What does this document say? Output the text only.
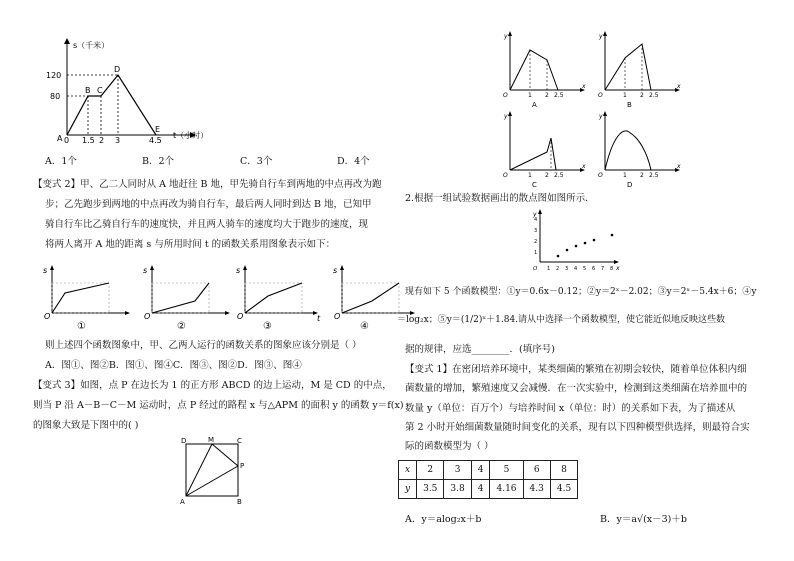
s（千米）
t（小时）
120
80
A
B C
D
E
0 1.5 2 3	4.5
A．1个	B．2个	C．3个	D．4个
【变式 2】甲、乙二人同时从 A 地赶往 B 地，甲先骑自行车到两地的中点再改为跑
步；乙先跑步到两地的中点再改为骑自行车，最后两人同时到达 B 地，已知甲
骑自行车比乙骑自行车的速度快，并且两人骑车的速度均大于跑步的速度，现
将两人离开 A 地的距离 s 与所用时间 t 的函数关系用图象表示如下：
s
O
①
s
O
②
s
t
O
③
s
O
④
则上述四个函数图象中，甲、乙两人运行的函数关系的图象应该分别是（ ）
A．图①、图②B．图①、图④C．图③、图②D．图③、图④
【变式 3】如图，点 P 在边长为 1 的正方形 ABCD 的边上运动，M 是 CD 的中点，
则当 P 沿 A－B－C－M 运动时，点 P 经过的路程 x 与△APM 的面积 y 的函数 y＝f(x)
的图象大致是下图中的( )
D	M	C
P
A	B
y
x
O	1 2 2.5
A
y
x
O	1 2 2.5
B
y
x
O	1 2 2.5
C
y
x
O	1 2 2.5
D
2.根据一组试验数据画出的散点图如图所示．
y
x
O
1
2
3
4
1 2 3 4 5 6 7 8
现有如下 5 个函数模型：①y＝0.6x－0.12；②y＝2ˣ－2.02；③y＝2ˣ－5.4x＋6；④y
＝log₂x；⑤y＝(1/2)ˣ＋1.84.请从中选择一个函数模型，使它能近似地反映这些数
据的规律，应选________．(填序号)
【变式 1】在密闭培养环境中，某类细菌的繁殖在初期会较快，随着单位体积内细
菌数量的增加，繁殖速度又会减慢．在一次实验中，检测到这类细菌在培养皿中的
数量 y（单位：百万个）与培养时间 x（单位：时）的关系如下表，为了描述从
第 2 小时开始细菌数量随时间变化的关系，现有以下四种模型供选择，则最符合实
际的函数模型为（ ）
x	2	3	4	5	6	8
y	3.5	3.8	4	4.16	4.3	4.5
A．y＝alog₂x＋b	B．y＝a√(x－3)＋b
